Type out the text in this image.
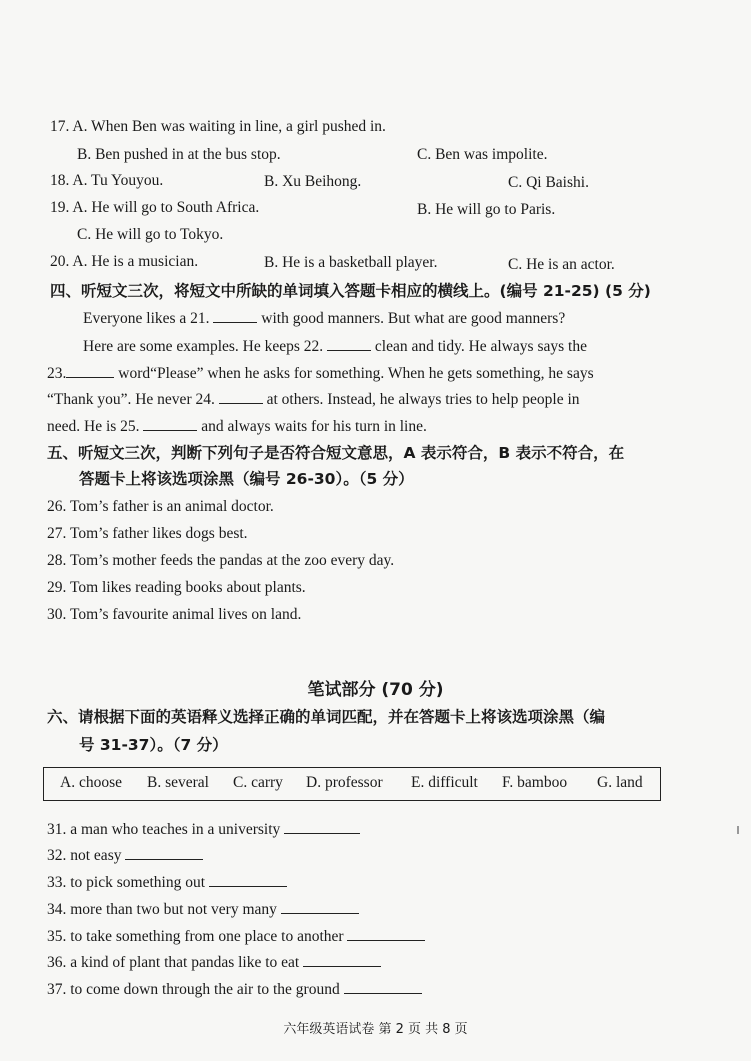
17. A. When Ben was waiting in line, a girl pushed in.
B. Ben pushed in at the bus stop.	C. Ben was impolite.
18. A. Tu Youyou.	B. Xu Beihong.	C. Qi Baishi.
19. A. He will go to South Africa.	B. He will go to Paris.
C. He will go to Tokyo.
20. A. He is a musician.	B. He is a basketball player.	C. He is an actor.
四、听短文三次，将短文中所缺的单词填入答题卡相应的横线上。(编号 21-25) (5 分)
Everyone likes a 21.	with good manners. But what are good manners?
Here are some examples. He keeps 22.	clean and tidy. He always says the
23.	word“Please” when he asks for something. When he gets something, he says
“Thank you”. He never 24.	at others. Instead, he always tries to help people in
need. He is 25.	and always waits for his turn in line.
五、听短文三次，判断下列句子是否符合短文意思，A 表示符合，B 表示不符合，在
答题卡上将该选项涂黑（编号 26-30）。（5 分）
26. Tom’s father is an animal doctor.
27. Tom’s father likes dogs best.
28. Tom’s mother feeds the pandas at the zoo every day.
29. Tom likes reading books about plants.
30. Tom’s favourite animal lives on land.
笔试部分 (70 分)
六、请根据下面的英语释义选择正确的单词匹配，并在答题卡上将该选项涂黑（编
号 31-37）。（7 分）
A. choose B. several C. carry D. professor E. difficult F. bamboo G. land
31. a man who teaches in a university
32. not easy
33. to pick something out
34. more than two but not very many
35. to take something from one place to another
36. a kind of plant that pandas like to eat
37. to come down through the air to the ground
六年级英语试卷 第 2 页 共 8 页
